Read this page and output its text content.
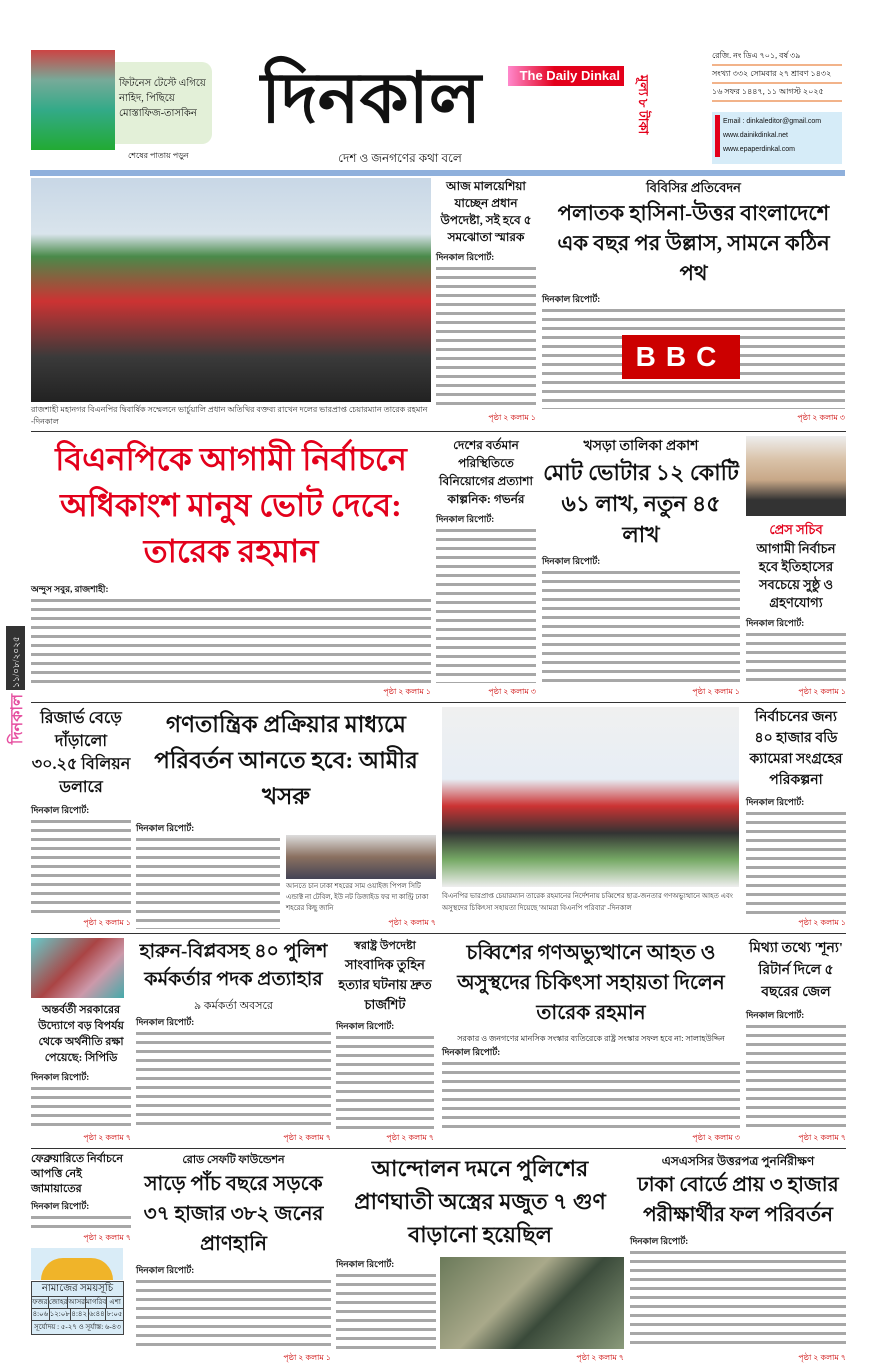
ফিটনেস টেস্টে এগিয়ে নাহিদ, পিছিয়ে মোস্তাফিজ-তাসকিন
শেষের পাতায় পড়ুন
দিনকাল	The Daily Dinkal
দেশ ও জনগণের কথা বলে
মূল্য ৮ টাকা
রেজি. নং ডিএ ৭০১, বর্ষ ৩৯
সংখ্যা ৩৩২ সোমবার ২৭ শ্রাবণ ১৪৩২
১৬ সফর ১৪৪৭, ১১ আগস্ট ২০২৫
Email : dinkaleditor@gmail.com
www.dainikdinkal.net
www.epaperdinkal.com
১১/০৮/২০২৫
দিনকাল
রাজশাহী মহানগর বিএনপির দ্বিবার্ষিক সম্মেলনে ভার্চুয়ালি প্রধান অতিথির বক্তব্য রাখেন দলের ভারপ্রাপ্ত চেয়ারম্যান তারেক রহমান -দিনকাল
আজ মালয়েশিয়া যাচ্ছেন প্রধান উপদেষ্টা, সই হবে ৫ সমঝোতা স্মারক
দিনকাল রিপোর্ট:
পৃষ্ঠা ২ কলাম ১
বিবিসির প্রতিবেদন
পলাতক হাসিনা-উত্তর বাংলাদেশে এক বছর পর উল্লাস, সামনে কঠিন পথ
দিনকাল রিপোর্ট:
BBC
পৃষ্ঠা ২ কলাম ৩
বিএনপিকে আগামী নির্বাচনে অধিকাংশ মানুষ ভোট দেবে: তারেক রহমান
অন্দুস সবুর, রাজশাহী:
পৃষ্ঠা ২ কলাম ১
দেশের বর্তমান পরিস্থিতিতে বিনিয়োগের প্রত্যাশা কাল্পনিক: গভর্নর
দিনকাল রিপোর্ট:
পৃষ্ঠা ২ কলাম ৩
খসড়া তালিকা প্রকাশ
মোট ভোটার ১২ কোটি ৬১ লাখ, নতুন ৪৫ লাখ
দিনকাল রিপোর্ট:
পৃষ্ঠা ২ কলাম ১
প্রেস সচিব
আগামী নির্বাচন হবে ইতিহাসের সবচেয়ে সুষ্ঠু ও গ্রহণযোগ্য
দিনকাল রিপোর্ট:
পৃষ্ঠা ২ কলাম ১
রিজার্ভ বেড়ে দাঁড়ালো ৩০.২৫ বিলিয়ন ডলারে
দিনকাল রিপোর্ট:
পৃষ্ঠা ২ কলাম ১
গণতান্ত্রিক প্রক্রিয়ার মাধ্যমে পরিবর্তন আনতে হবে: আমীর খসরু
দিনকাল রিপোর্ট:
আনতে চান ঢাকা শহরের সাম ওয়াইজ পিপল সিটি এন্ডাক্ট না টেবিল, ইউ নট ডিজাইড ফর দা কান্ট্রি ঢাকা শহরের কিছু জানি
পৃষ্ঠা ২ কলাম ৭
বিএনপির ভারপ্রাপ্ত চেয়ারম্যান তারেক রহমানের নির্দেশনায় চব্বিশের ছাত্র-জনতার গণঅভ্যুত্থানে আহত এবং অসুস্থদের চিকিৎসা সহায়তা দিয়েছে 'আমরা বিএনপি পরিবার' -দিনকাল
নির্বাচনের জন্য ৪০ হাজার বডি ক্যামেরা সংগ্রহের পরিকল্পনা
দিনকাল রিপোর্ট:
পৃষ্ঠা ২ কলাম ১
অন্তর্বর্তী সরকারের উদ্যোগে বড় বিপর্যয় থেকে অর্থনীতি রক্ষা পেয়েছে: সিপিডি
দিনকাল রিপোর্ট:
পৃষ্ঠা ২ কলাম ৭
হারুন-বিপ্লবসহ ৪০ পুলিশ কর্মকর্তার পদক প্রত্যাহার
৯ কর্মকর্তা অবসরে
দিনকাল রিপোর্ট:
পৃষ্ঠা ২ কলাম ৭
স্বরাষ্ট্র উপদেষ্টা
সাংবাদিক তুহিন হত্যার ঘটনায় দ্রুত চার্জশিট
দিনকাল রিপোর্ট:
পৃষ্ঠা ২ কলাম ৭
চব্বিশের গণঅভ্যুত্থানে আহত ও অসুস্থদের চিকিৎসা সহায়তা দিলেন তারেক রহমান
সরকার ও জনগণের মানসিক সংস্কার ব্যতিরেকে রাষ্ট্র সংস্কার সফল হবে না: সালাহউদ্দিন
দিনকাল রিপোর্ট:
পৃষ্ঠা ২ কলাম ৩
মিথ্যা তথ্যে 'শূন্য' রিটার্ন দিলে ৫ বছরের জেল
দিনকাল রিপোর্ট:
পৃষ্ঠা ২ কলাম ৭
ফেব্রুয়ারিতে নির্বাচনে আপত্তি নেই জামায়াতের
দিনকাল রিপোর্ট:
পৃষ্ঠা ২ কলাম ৭
নামাজের সময়সূচি
ফজর জোহর আসর মাগরিব এশা
৪:০৬ ১২:০৮ ৪:৪২ ৬:৪৪ ৮:০৫
সূর্যোদয় : ৫-২৭ ও সূর্যাস্ত: ৬-৪৩
রোড সেফটি ফাউন্ডেশন
সাড়ে পাঁচ বছরে সড়কে ৩৭ হাজার ৩৮২ জনের প্রাণহানি
দিনকাল রিপোর্ট:
পৃষ্ঠা ২ কলাম ১
আন্দোলন দমনে পুলিশের প্রাণঘাতী অস্ত্রের মজুত ৭ গুণ বাড়ানো হয়েছিল
দিনকাল রিপোর্ট:
পৃষ্ঠা ২ কলাম ৭
এসএসসির উত্তরপত্র পুনর্নিরীক্ষণ
ঢাকা বোর্ডে প্রায় ৩ হাজার পরীক্ষার্থীর ফল পরিবর্তন
দিনকাল রিপোর্ট:
পৃষ্ঠা ২ কলাম ৭
